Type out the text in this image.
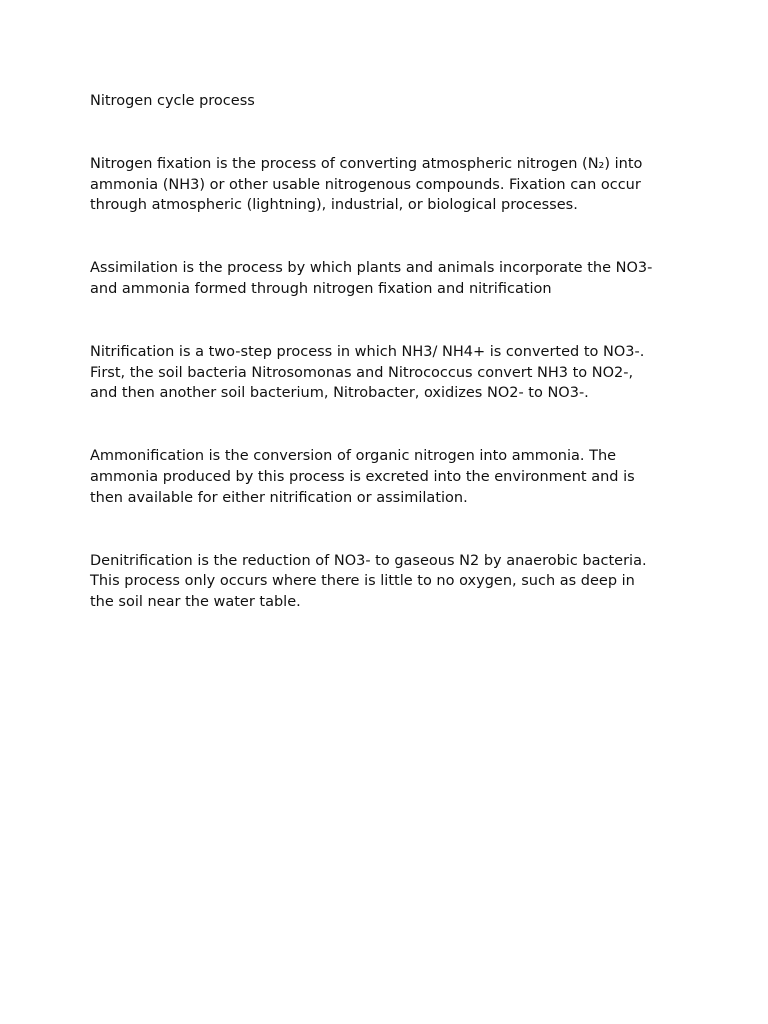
Nitrogen cycle process

Nitrogen fixation is the process of converting atmospheric nitrogen (N₂) into
ammonia (NH3) or other usable nitrogenous compounds. Fixation can occur
through atmospheric (lightning), industrial, or biological processes.

Assimilation is the process by which plants and animals incorporate the NO3-
and ammonia formed through nitrogen fixation and nitrification

Nitrification is a two-step process in which NH3/ NH4+ is converted to NO3-.
First, the soil bacteria Nitrosomonas and Nitrococcus convert NH3 to NO2-,
and then another soil bacterium, Nitrobacter, oxidizes NO2- to NO3-.

Ammonification is the conversion of organic nitrogen into ammonia. The
ammonia produced by this process is excreted into the environment and is
then available for either nitrification or assimilation.

Denitrification is the reduction of NO3- to gaseous N2 by anaerobic bacteria.
This process only occurs where there is little to no oxygen, such as deep in
the soil near the water table.
